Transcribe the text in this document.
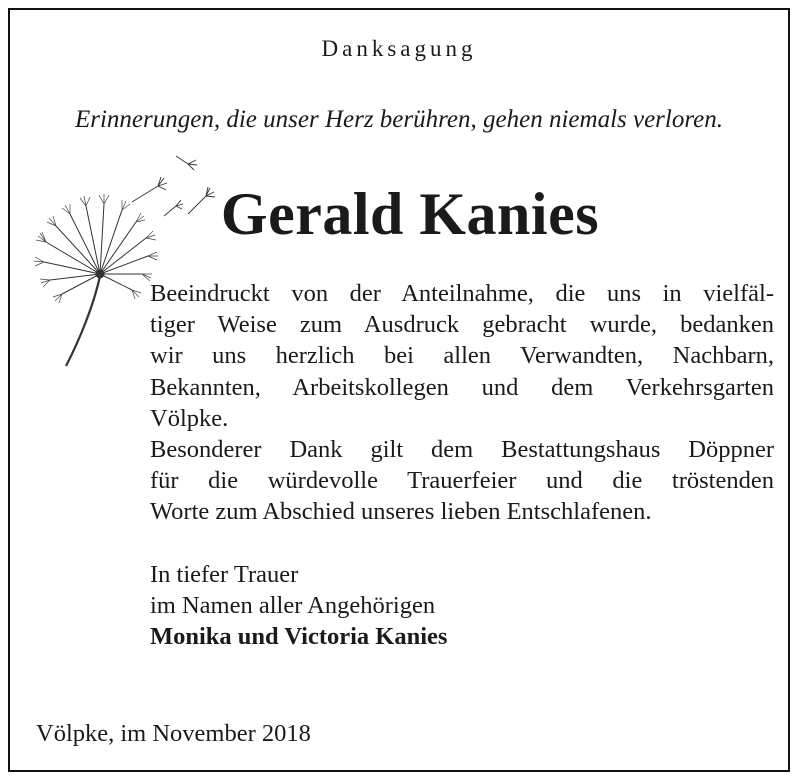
Danksagung
Erinnerungen, die unser Herz berühren, gehen niemals verloren.
Gerald Kanies
Beeindruckt von der Anteilnahme, die uns in vielfäl-
tiger Weise zum Ausdruck gebracht wurde, bedanken
wir uns herzlich bei allen Verwandten, Nachbarn,
Bekannten, Arbeitskollegen und dem Verkehrsgarten
Völpke.
Besonderer Dank gilt dem Bestattungshaus Döppner
für die würdevolle Trauerfeier und die tröstenden
Worte zum Abschied unseres lieben Entschlafenen.
In tiefer Trauer
im Namen aller Angehörigen
Monika und Victoria Kanies
Völpke, im November 2018
